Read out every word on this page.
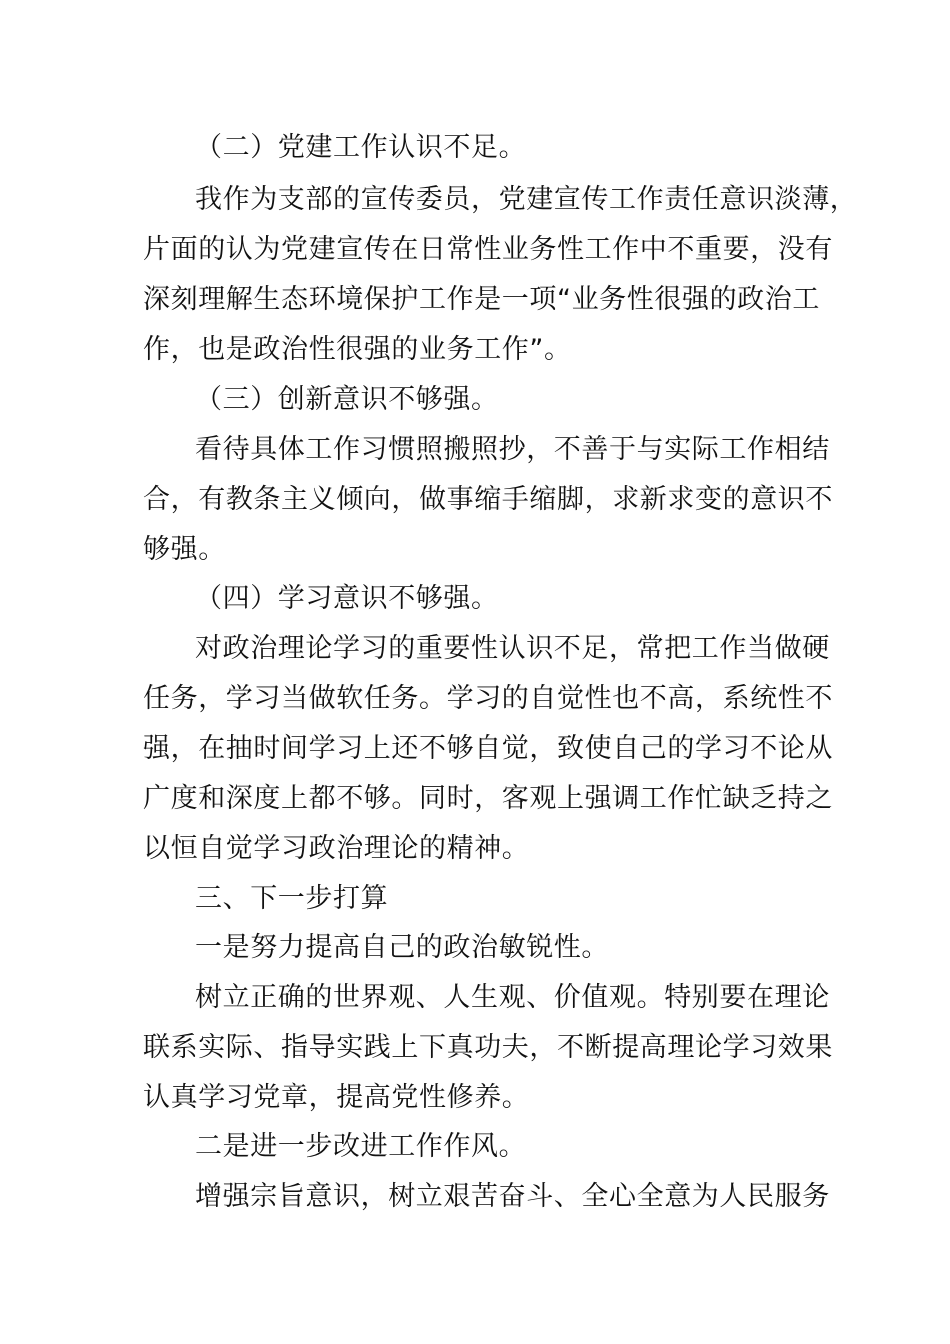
（二）党建工作认识不足。
我作为支部的宣传委员，党建宣传工作责任意识淡薄，
片面的认为党建宣传在日常性业务性工作中不重要，没有
深刻理解生态环境保护工作是一项“业务性很强的政治工
作，也是政治性很强的业务工作”。
（三）创新意识不够强。
看待具体工作习惯照搬照抄，不善于与实际工作相结
合，有教条主义倾向，做事缩手缩脚，求新求变的意识不
够强。
（四）学习意识不够强。
对政治理论学习的重要性认识不足，常把工作当做硬
任务，学习当做软任务。学习的自觉性也不高，系统性不
强，在抽时间学习上还不够自觉，致使自己的学习不论从
广度和深度上都不够。同时，客观上强调工作忙缺乏持之
以恒自觉学习政治理论的精神。
三、下一步打算
一是努力提高自己的政治敏锐性。
树立正确的世界观、人生观、价值观。特别要在理论
联系实际、指导实践上下真功夫，不断提高理论学习效果
认真学习党章，提高党性修养。
二是进一步改进工作作风。
增强宗旨意识，树立艰苦奋斗、全心全意为人民服务
